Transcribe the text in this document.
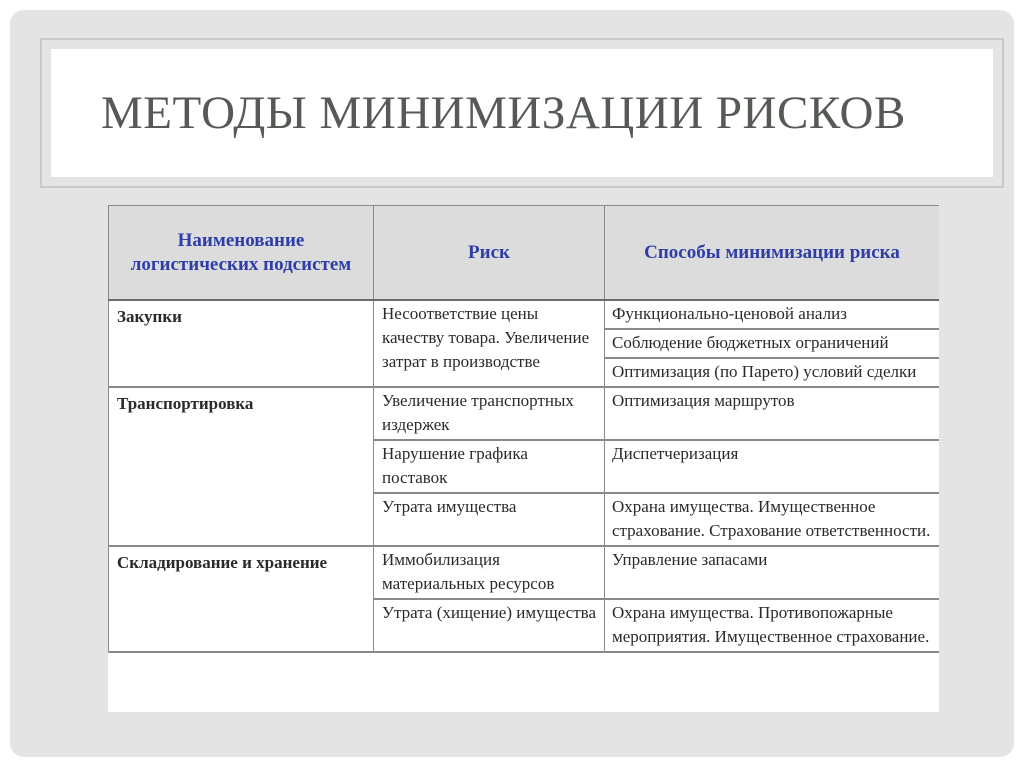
МЕТОДЫ МИНИМИЗАЦИИ РИСКОВ
Наименование логистических подсистем	Риск	Способы минимизации риска
Закупки	Несоответствие цены качеству товара. Увеличение затрат в производстве	Функционально-ценовой анализ
		Соблюдение бюджетных ограничений
		Оптимизация (по Парето) условий сделки
Транспортировка	Увеличение транспортных издержек	Оптимизация маршрутов
	Нарушение графика поставок	Диспетчеризация
	Утрата имущества	Охрана имущества. Имущественное страхование. Страхование ответственности.
Складирование и хранение	Иммобилизация материальных ресурсов	Управление запасами
	Утрата (хищение) имущества	Охрана имущества. Противопожарные мероприятия. Имущественное страхование.
